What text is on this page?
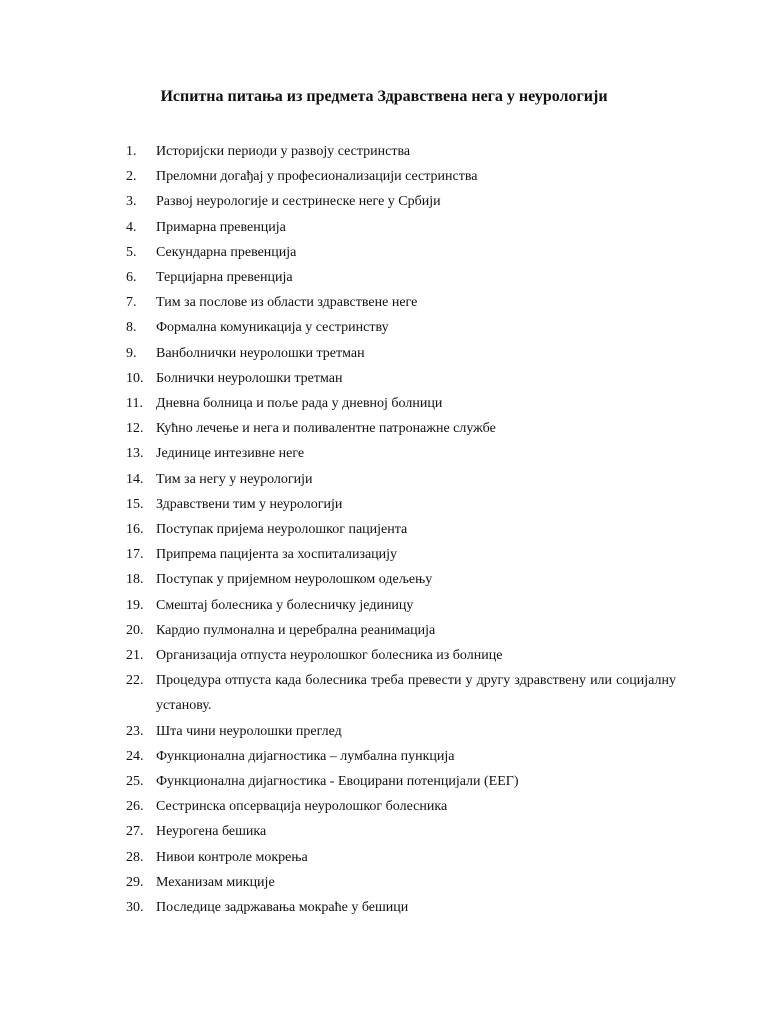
Испитна питања из предмета Здравствена нега у неурологији
1.	Историјски периоди у развоју сестринства
2.	Преломни догађај у професионализацији сестринства
3.	Развој неурологије и сестринеске неге у Србији
4.	Примарна превенција
5.	Секундарна превенција
6.	Терцијарна превенција
7.	Тим за послове из области здравствене неге
8.	Формална комуникација у сестринству
9.	Ванболнички неуролошки третман
10. Болнички неуролошки третман
11. Дневна болница и поље рада у дневној болници
12. Кућно лечење и нега и поливалентне патронажне службе
13. Јединице интезивне неге
14. Тим за негу у неурологији
15. Здравствени тим у неурологији
16. Поступак пријема неуролошког пацијента
17. Припрема пацијента за хоспитализацију
18. Поступак у пријемном неуролошком одељењу
19. Смештај болесника у болесничку јединицу
20. Кардио пулмонална и церебрална реанимација
21. Организација отпуста неуролошког болесника из болнице
22. Процедура отпуста када болесника треба превести у другу здравствену или социјалну установу.
23. Шта чини неуролошки преглед
24. Функционална дијагностика – лумбална пункција
25. Функционална дијагностика - Евоцирани потенцијали (ЕЕГ)
26. Сестринска опсервација неуролошког болесника
27. Неурогена бешика
28. Нивои контроле мокрења
29. Механизам микције
30. Последице задржавања мокраће у бешици
